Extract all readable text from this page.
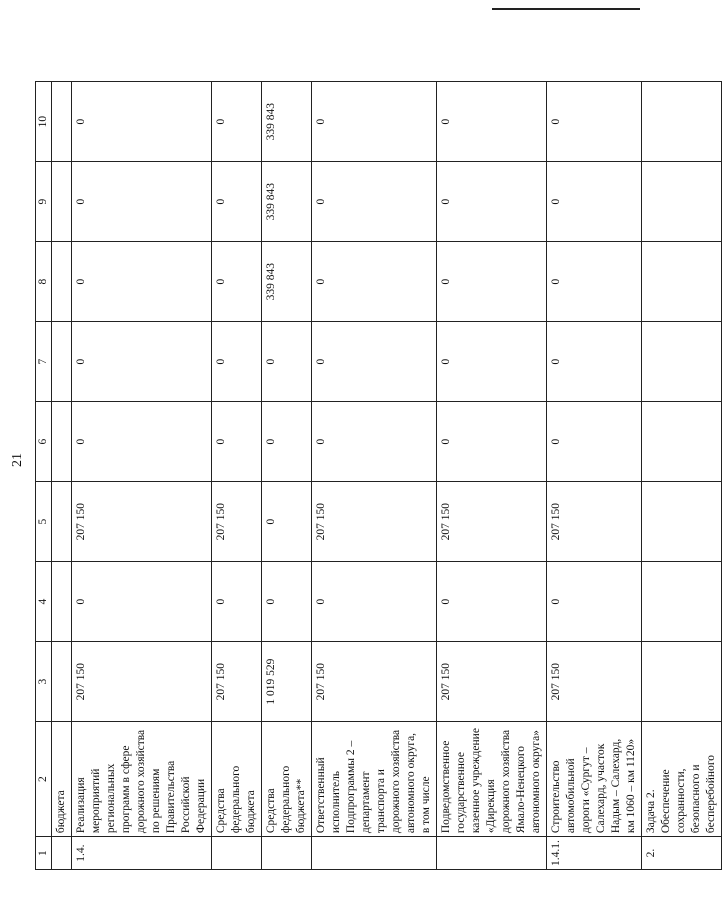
21
1	2	3	4	5	6	7	8	9	10
	бюджета								
1.4.	Реализация мероприятий региональных программ в сфере дорожного хозяйства по решениям Правительства Российской Федерации	207 150	0	207 150	0	0	0	0	0
	Средства федерального бюджета	207 150	0	207 150	0	0	0	0	0
	Средства федерального бюджета**	1 019 529	0	0	0	0	339 843	339 843	339 843
	Ответственный исполнитель Подпрограммы 2 – департамент транспорта и дорожного хозяйства автономного округа, в том числе	207 150	0	207 150	0	0	0	0	0
	Подведомственное государственное казенное учреждение «Дирекция дорожного хозяйства Ямало-Ненецкого автономного округа»	207 150	0	207 150	0	0	0	0	0
1.4.1.	Строительство автомобильной дороги «Сургут – Салехард, участок Надым – Салехард, км 1060 – км 1120»	207 150	0	207 150	0	0	0	0	0
2.	Задача 2. Обеспечение сохранности, безопасного и бесперебойного								
